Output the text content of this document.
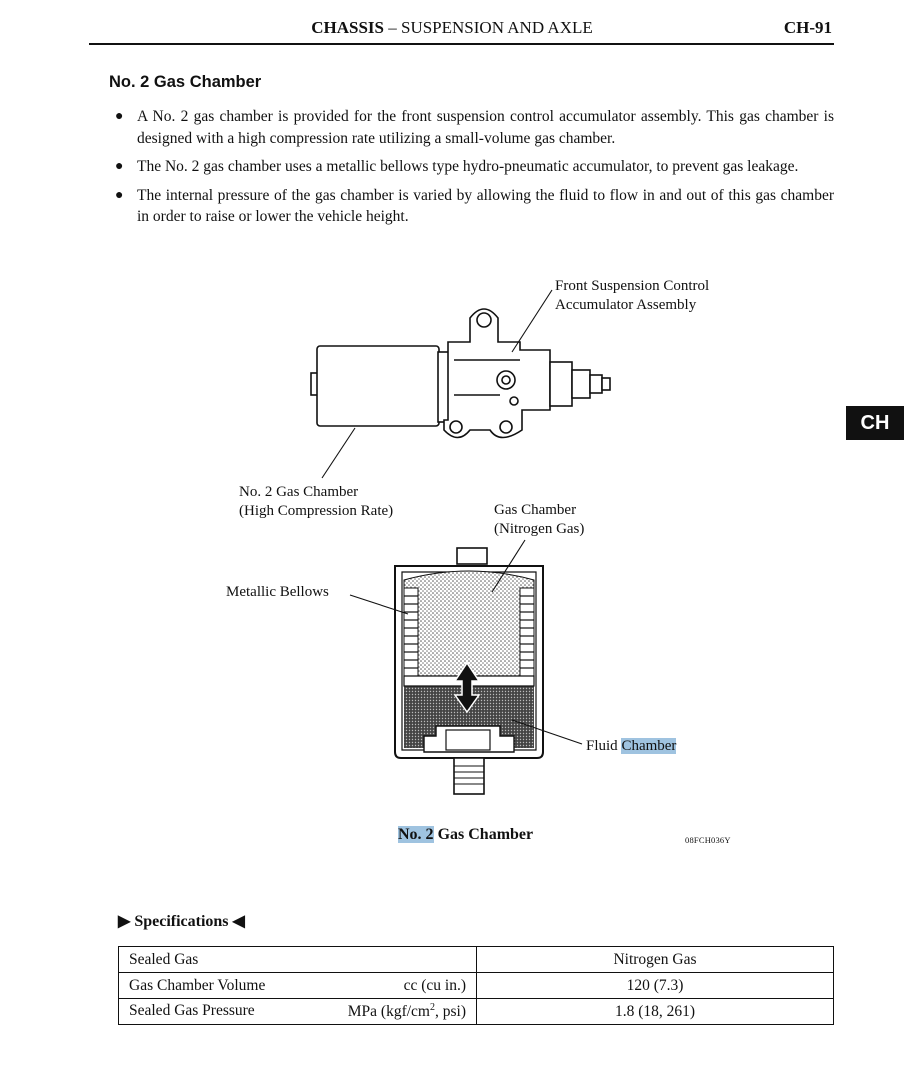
CHASSIS – SUSPENSION AND AXLE	CH-91
CH
No. 2 Gas Chamber
● A No. 2 gas chamber is provided for the front suspension control accumulator assembly. This gas chamber is designed with a high compression rate utilizing a small-volume gas chamber.
● The No. 2 gas chamber uses a metallic bellows type hydro-pneumatic accumulator, to prevent gas leakage.
● The internal pressure of the gas chamber is varied by allowing the fluid to flow in and out of this gas chamber in order to raise or lower the vehicle height.
Front Suspension Control
Accumulator Assembly
No. 2 Gas Chamber
(High Compression Rate)	Gas Chamber
(Nitrogen Gas)
Metallic Bellows
Fluid Chamber
No. 2 Gas Chamber	08FCH036Y
▶ Specifications ◀
Sealed Gas	Nitrogen Gas
Gas Chamber Volume cc (cu in.)	120 (7.3)
Sealed Gas Pressure MPa ($kgf/cm^2$, psi)	1.8 (18, 261)
